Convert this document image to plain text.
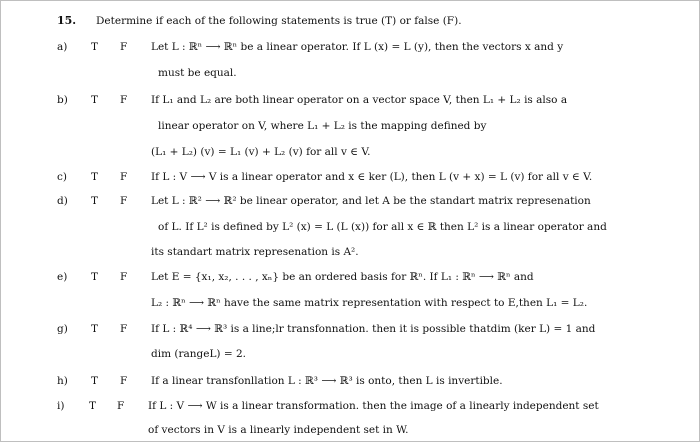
15. Determine if each of the following statements is true (T) or false (F).
a) T F Let L : ℝⁿ ⟶ ℝⁿ be a linear operator. If L (x) = L (y), then the vectors x and y
must be equal.
b) T F If L₁ and L₂ are both linear operator on a vector space V, then L₁ + L₂ is also a
linear operator on V, where L₁ + L₂ is the mapping defined by
(L₁ + L₂) (v) = L₁ (v) + L₂ (v) for all v ∈ V.
c) T F If L : V ⟶ V is a linear operator and x ∈ ker (L), then L (v + x) = L (v) for all v ∈ V.
d) T F Let L : ℝ² ⟶ ℝ² be linear operator, and let A be the standart matrix represenation
of L. If L² is defined by L² (x) = L (L (x)) for all x ∈ ℝ then L² is a linear operator and
its standart matrix represenation is A².
e) T F Let E = {x₁, x₂, . . . , xₙ} be an ordered basis for ℝⁿ. If L₁ : ℝⁿ ⟶ ℝⁿ and
L₂ : ℝⁿ ⟶ ℝⁿ have the same matrix representation with respect to E,then L₁ = L₂.
g) T F If L : ℝ⁴ ⟶ ℝ³ is a line;lr transfonnation. then it is possible thatdim (ker L) = 1 and
dim (rangeL) = 2.
h) T F If a linear transfonllation L : ℝ³ ⟶ ℝ³ is onto, then L is invertible.
i) T F If L : V ⟶ W is a linear transformation. then the image of a linearly independent set
of vectors in V is a linearly independent set in W.
